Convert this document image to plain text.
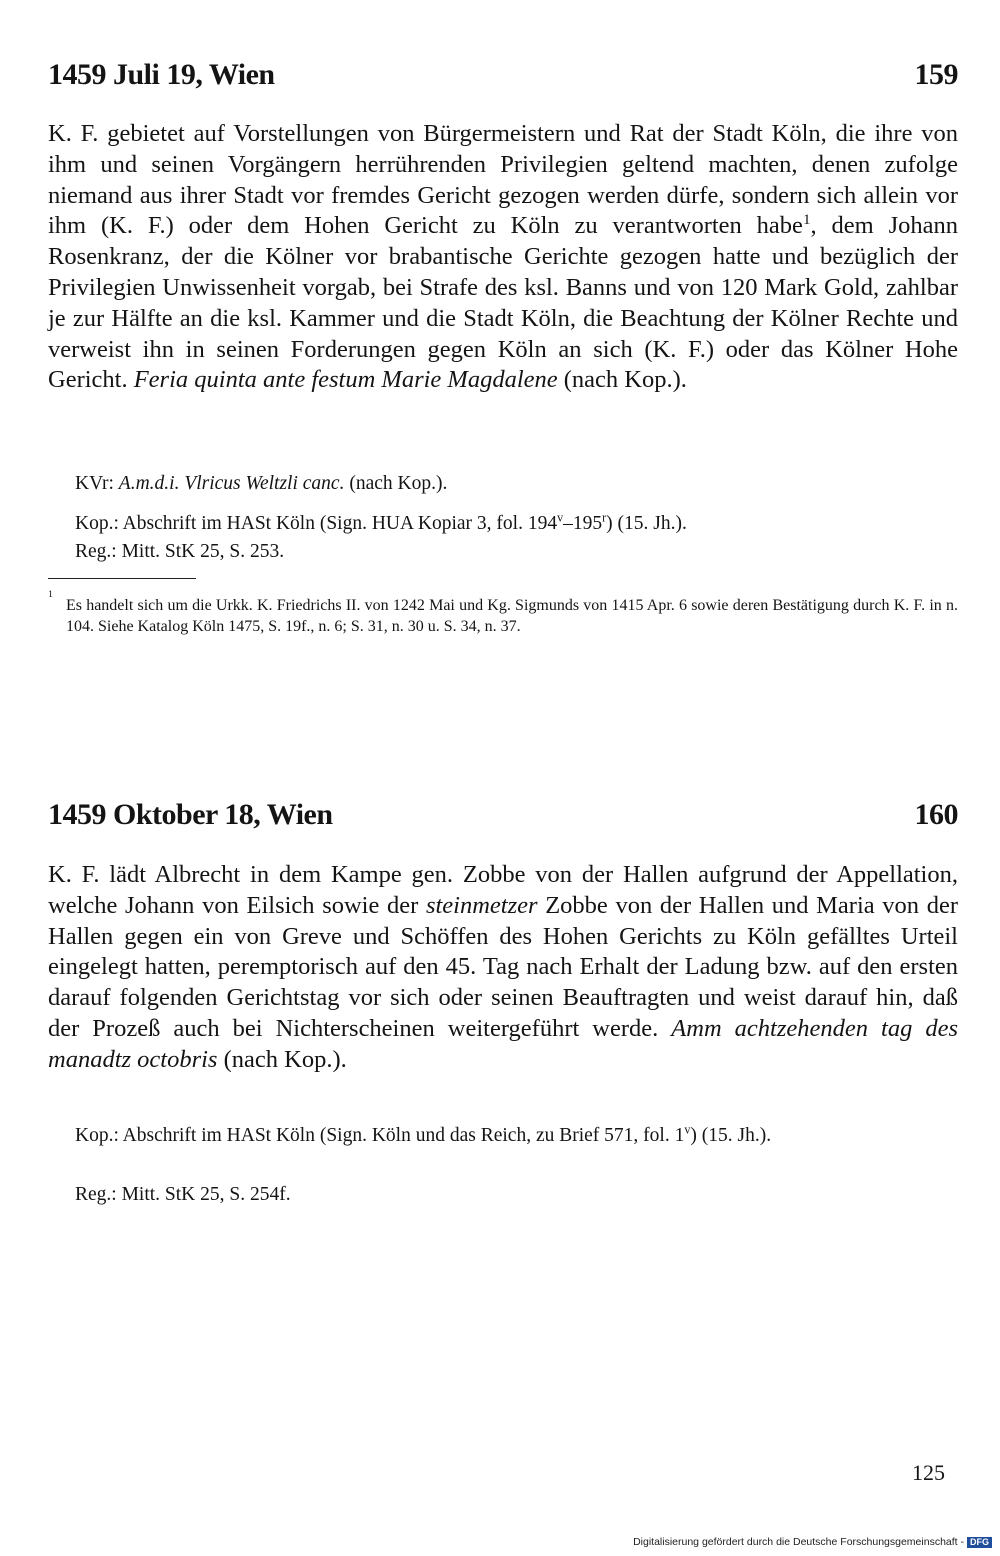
1459 Juli 19, Wien	159
K. F. gebietet auf Vorstellungen von Bürgermeistern und Rat der Stadt Köln, die ihre von ihm und seinen Vorgängern herrührenden Privilegien geltend machten, denen zufolge niemand aus ihrer Stadt vor fremdes Gericht gezogen werden dürfe, sondern sich allein vor ihm (K. F.) oder dem Hohen Gericht zu Köln zu verantworten habe$^1$, dem Johann Rosenkranz, der die Kölner vor brabantische Gerichte gezogen hatte und bezüglich der Privilegien Unwissenheit vorgab, bei Strafe des ksl. Banns und von 120 Mark Gold, zahlbar je zur Hälfte an die ksl. Kammer und die Stadt Köln, die Beachtung der Kölner Rechte und verweist ihn in seinen Forderungen gegen Köln an sich (K. F.) oder das Kölner Hohe Gericht. Feria quinta ante festum Marie Magdalene (nach Kop.).
KVr: A.m.d.i. Vlricus Weltzli canc. (nach Kop.).
Kop.: Abschrift im HASt Köln (Sign. HUA Kopiar 3, fol. 194$^v$–195$^r$) (15. Jh.).
Reg.: Mitt. StK 25, S. 253.
1
Es handelt sich um die Urkk. K. Friedrichs II. von 1242 Mai und Kg. Sigmunds von 1415 Apr. 6 sowie deren Bestätigung durch K. F. in n. 104. Siehe Katalog Köln 1475, S. 19f., n. 6; S. 31, n. 30 u. S. 34, n. 37.
1459 Oktober 18, Wien	160
K. F. lädt Albrecht in dem Kampe gen. Zobbe von der Hallen aufgrund der Appellation, welche Johann von Eilsich sowie der steinmetzer Zobbe von der Hallen und Maria von der Hallen gegen ein von Greve und Schöffen des Hohen Gerichts zu Köln gefälltes Urteil eingelegt hatten, peremptorisch auf den 45. Tag nach Erhalt der Ladung bzw. auf den ersten darauf folgenden Gerichtstag vor sich oder seinen Beauftragten und weist darauf hin, daß der Prozeß auch bei Nichterscheinen weitergeführt werde. Amm achtzehenden tag des manadtz octobris (nach Kop.).
Kop.: Abschrift im HASt Köln (Sign. Köln und das Reich, zu Brief 571, fol. 1$^v$) (15. Jh.).
Reg.: Mitt. StK 25, S. 254f.
125
Digitalisierung gefördert durch die Deutsche Forschungsgemeinschaft - DFG
